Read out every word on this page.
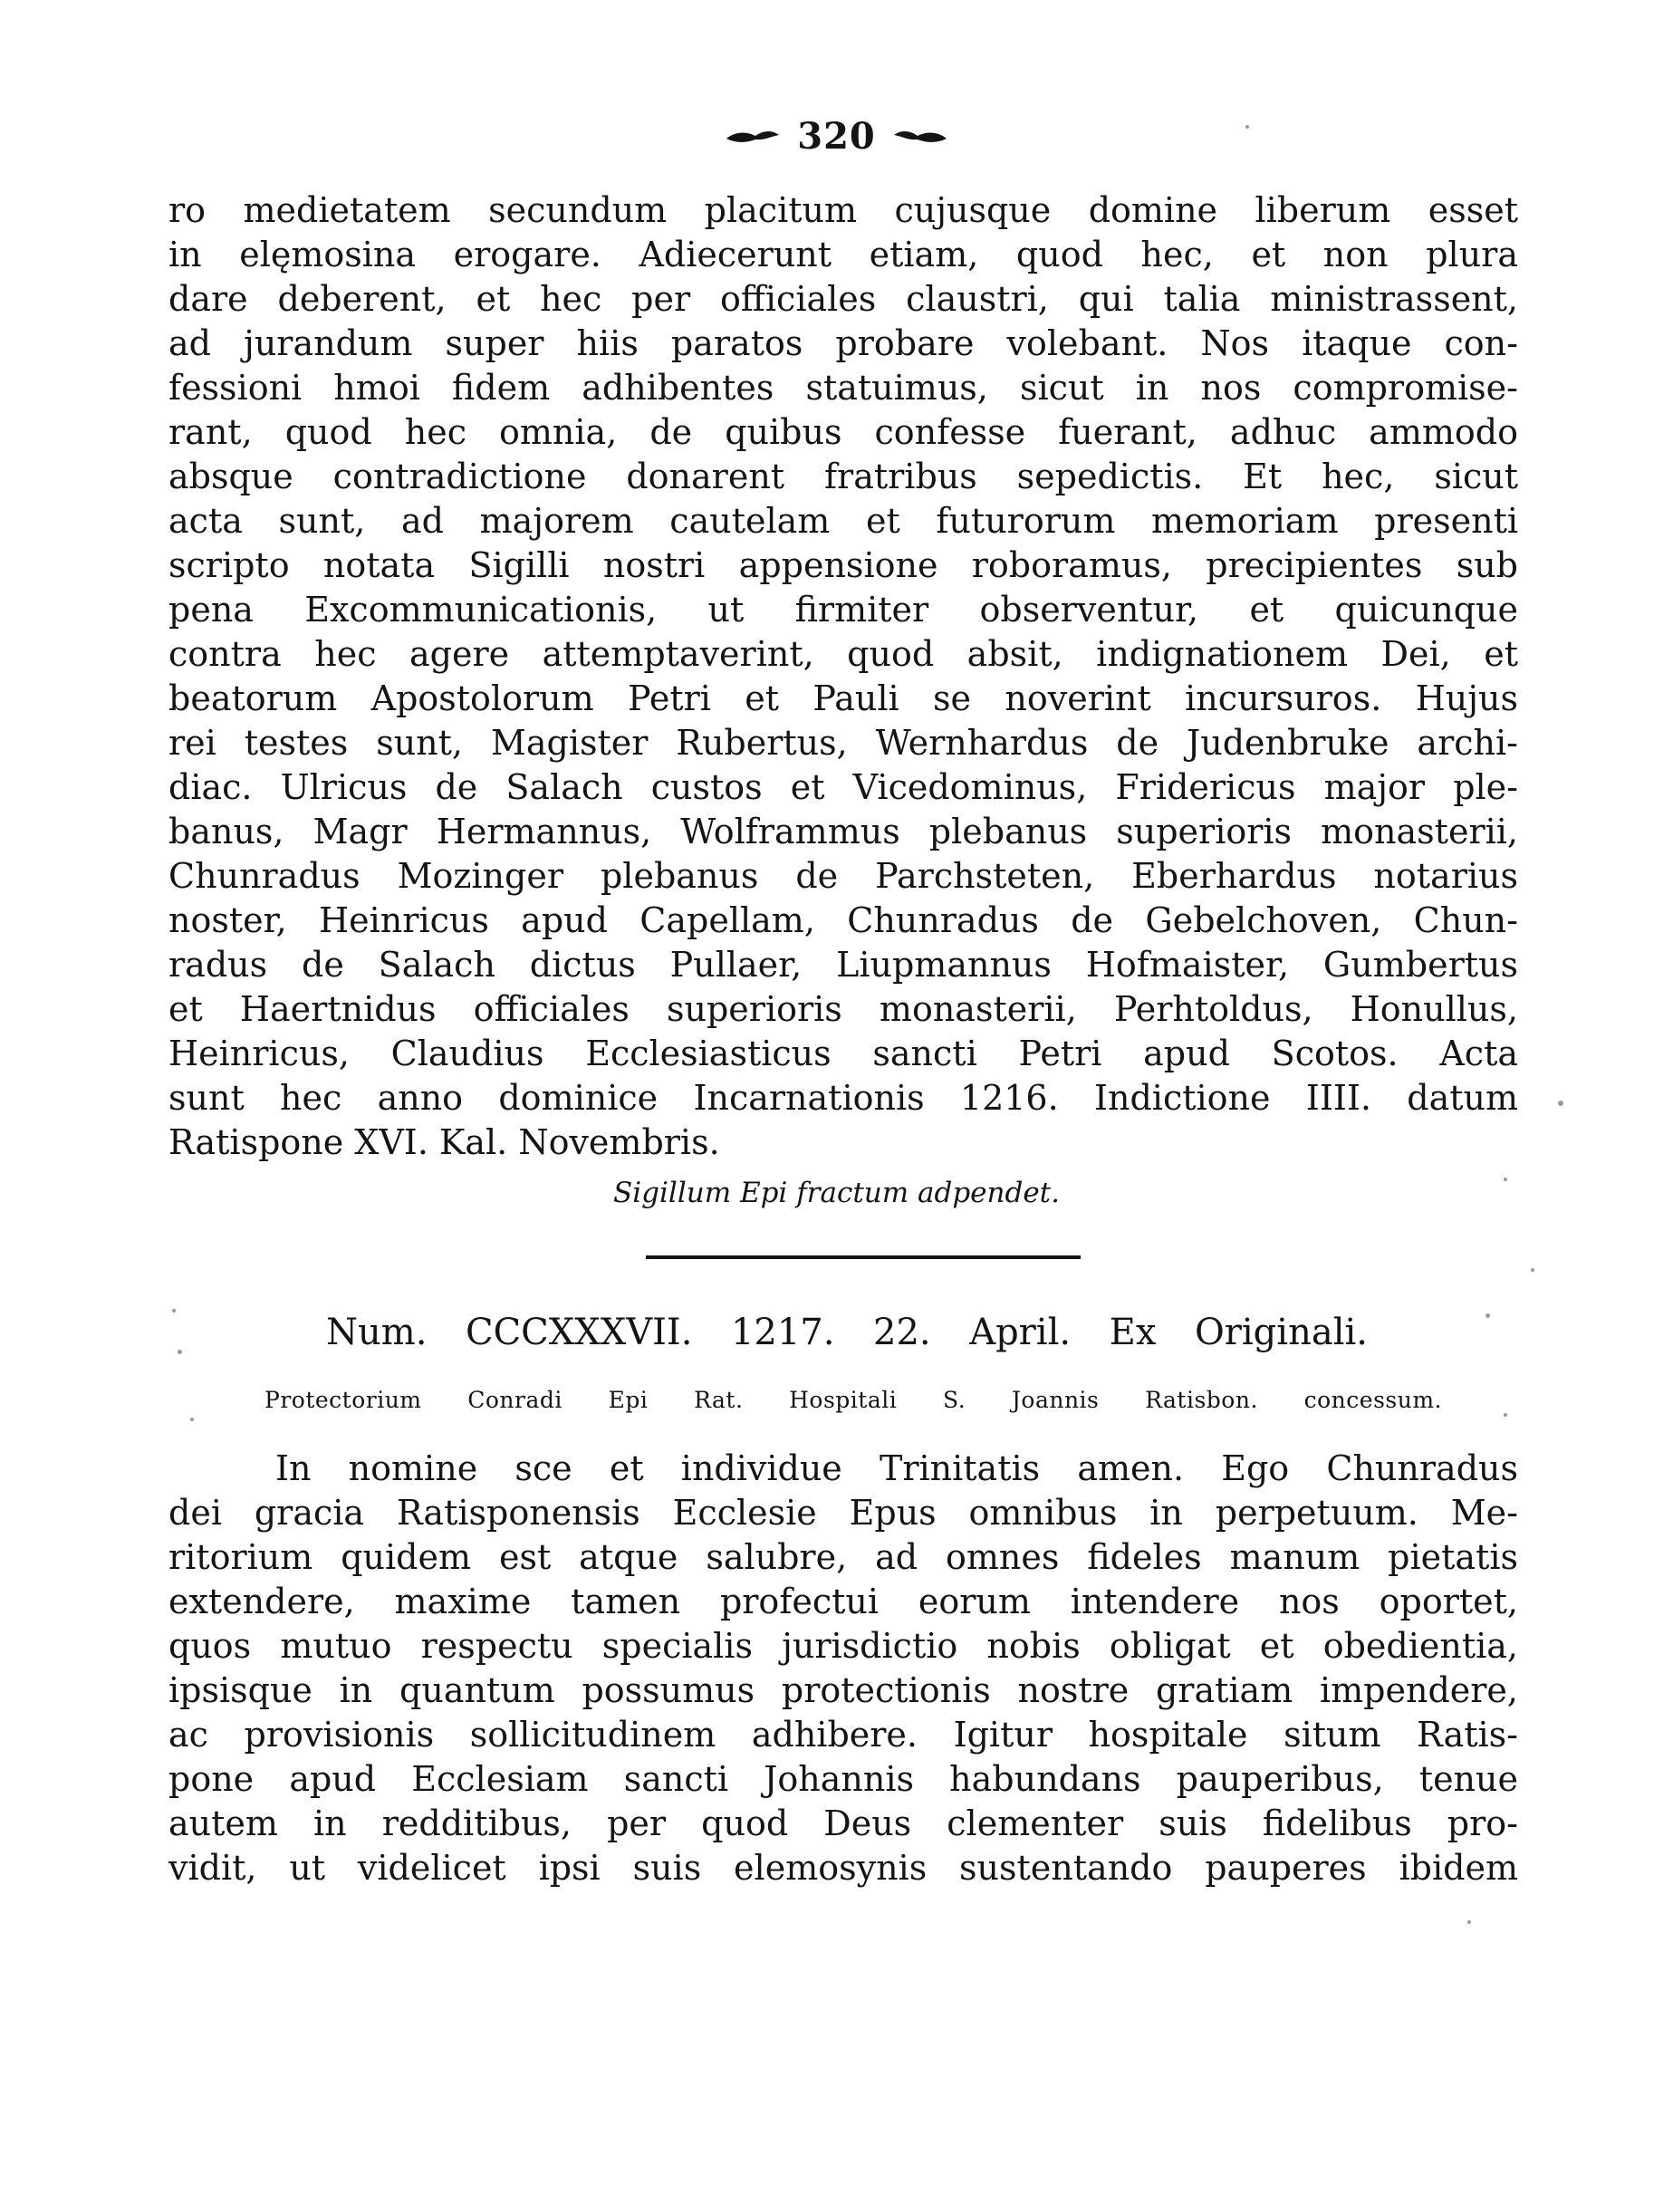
320
ro medietatem secundum placitum cujusque domine liberum esset
in elęmosina erogare. Adiecerunt etiam, quod hec, et non plura
dare deberent, et hec per officiales claustri, qui talia ministrassent,
ad jurandum super hiis paratos probare volebant. Nos itaque con-
fessioni hmoi fidem adhibentes statuimus, sicut in nos compromise-
rant, quod hec omnia, de quibus confesse fuerant, adhuc ammodo
absque contradictione donarent fratribus sepedictis. Et hec, sicut
acta sunt, ad majorem cautelam et futurorum memoriam presenti
scripto notata Sigilli nostri appensione roboramus, precipientes sub
pena Excommunicationis, ut firmiter observentur, et quicunque
contra hec agere attemptaverint, quod absit, indignationem Dei, et
beatorum Apostolorum Petri et Pauli se noverint incursuros. Hujus
rei testes sunt, Magister Rubertus, Wernhardus de Judenbruke archi-
diac. Ulricus de Salach custos et Vicedominus, Fridericus major ple-
banus, Magr Hermannus, Wolframmus plebanus superioris monasterii,
Chunradus Mozinger plebanus de Parchsteten, Eberhardus notarius
noster, Heinricus apud Capellam, Chunradus de Gebelchoven, Chun-
radus de Salach dictus Pullaer, Liupmannus Hofmaister, Gumbertus
et Haertnidus officiales superioris monasterii, Perhtoldus, Honullus,
Heinricus, Claudius Ecclesiasticus sancti Petri apud Scotos. Acta
sunt hec anno dominice Incarnationis 1216. Indictione IIII. datum
Ratispone XVI. Kal. Novembris.
Sigillum Epi fractum adpendet.
Num. CCCXXXVII. 1217. 22. April. Ex Originali.
Protectorium Conradi Epi Rat. Hospitali S. Joannis Ratisbon. concessum.
In nomine sce et individue Trinitatis amen. Ego Chunradus
dei gracia Ratisponensis Ecclesie Epus omnibus in perpetuum. Me-
ritorium quidem est atque salubre, ad omnes fideles manum pietatis
extendere, maxime tamen profectui eorum intendere nos oportet,
quos mutuo respectu specialis jurisdictio nobis obligat et obedientia,
ipsisque in quantum possumus protectionis nostre gratiam impendere,
ac provisionis sollicitudinem adhibere. Igitur hospitale situm Ratis-
pone apud Ecclesiam sancti Johannis habundans pauperibus, tenue
autem in redditibus, per quod Deus clementer suis fidelibus pro-
vidit, ut videlicet ipsi suis elemosynis sustentando pauperes ibidem
